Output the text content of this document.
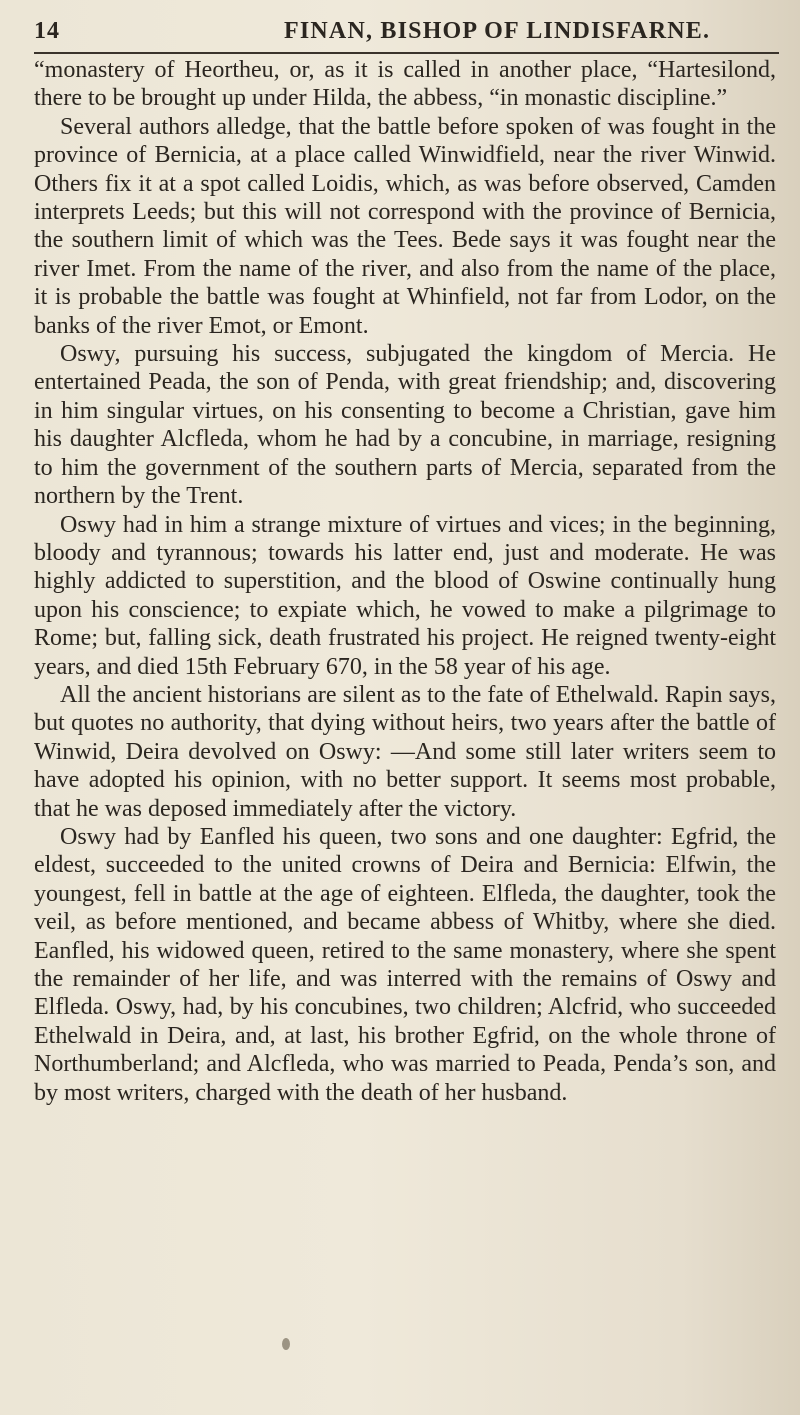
14	FINAN, BISHOP OF LINDISFARNE.

“monastery of Heortheu, or, as it is called in another place, “Hartesilond, there to be brought up under Hilda, the abbess, “in monastic discipline.”

Several authors alledge, that the battle before spoken of was fought in the province of Bernicia, at a place called Winwidfield, near the river Winwid. Others fix it at a spot called Loidis, which, as was before observed, Camden interprets Leeds; but this will not correspond with the province of Bernicia, the southern limit of which was the Tees. Bede says it was fought near the river Imet. From the name of the river, and also from the name of the place, it is probable the battle was fought at Whinfield, not far from Lodor, on the banks of the river Emot, or Emont.

Oswy, pursuing his success, subjugated the kingdom of Mercia. He entertained Peada, the son of Penda, with great friendship; and, discovering in him singular virtues, on his consenting to become a Christian, gave him his daughter Alcfleda, whom he had by a concubine, in marriage, resigning to him the government of the southern parts of Mercia, separated from the northern by the Trent.

Oswy had in him a strange mixture of virtues and vices; in the beginning, bloody and tyrannous; towards his latter end, just and moderate. He was highly addicted to superstition, and the blood of Oswine continually hung upon his conscience; to expiate which, he vowed to make a pilgrimage to Rome; but, falling sick, death frustrated his project. He reigned twenty-eight years, and died 15th February 670, in the 58 year of his age.

All the ancient historians are silent as to the fate of Ethelwald. Rapin says, but quotes no authority, that dying without heirs, two years after the battle of Winwid, Deira devolved on Oswy: —And some still later writers seem to have adopted his opinion, with no better support. It seems most probable, that he was deposed immediately after the victory.

Oswy had by Eanfled his queen, two sons and one daughter: Egfrid, the eldest, succeeded to the united crowns of Deira and Bernicia: Elfwin, the youngest, fell in battle at the age of eighteen. Elfleda, the daughter, took the veil, as before mentioned, and became abbess of Whitby, where she died. Eanfled, his widowed queen, retired to the same monastery, where she spent the remainder of her life, and was interred with the remains of Oswy and Elfleda. Oswy, had, by his concubines, two children; Alcfrid, who succeeded Ethelwald in Deira, and, at last, his brother Egfrid, on the whole throne of Northumberland; and Alcfleda, who was married to Peada, Penda’s son, and by most writers, charged with the death of her husband.
